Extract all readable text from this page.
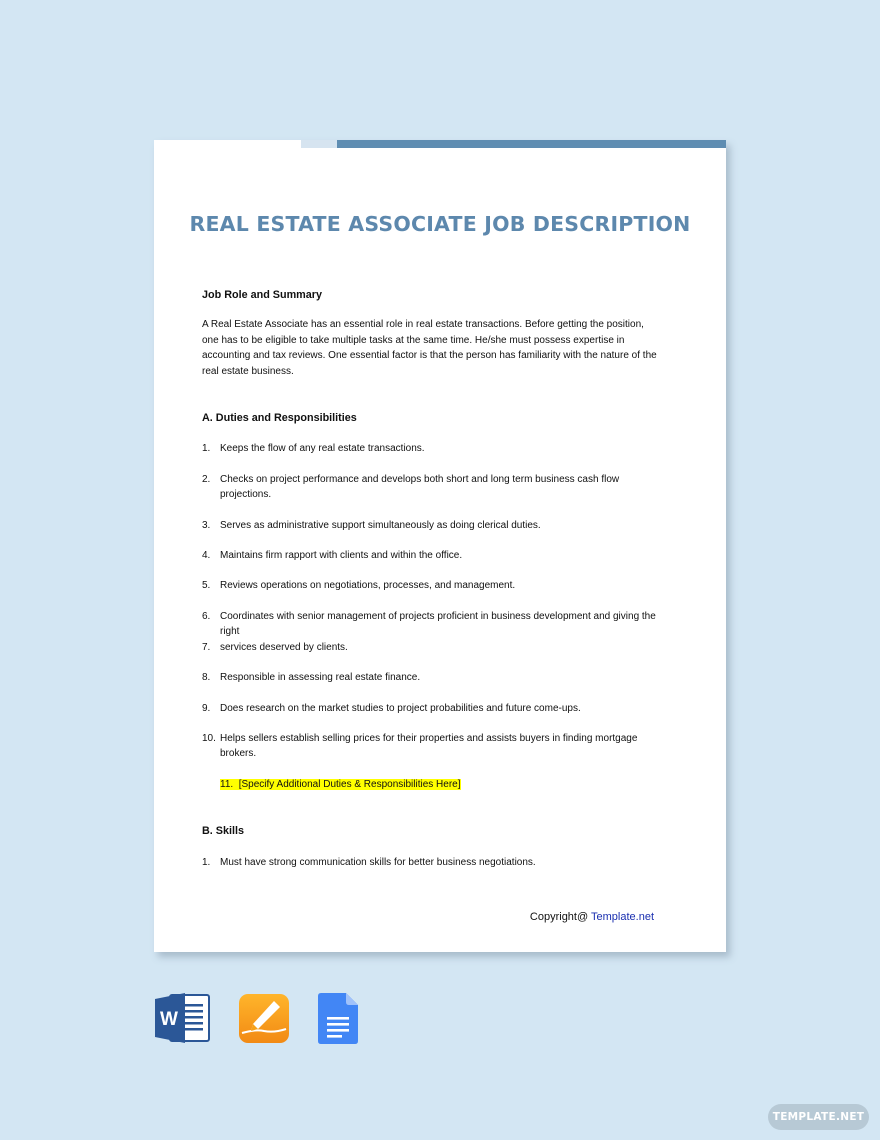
REAL ESTATE ASSOCIATE JOB DESCRIPTION

Job Role and Summary

A Real Estate Associate has an essential role in real estate transactions. Before getting the position, one has to be eligible to take multiple tasks at the same time. He/she must possess expertise in accounting and tax reviews. One essential factor is that the person has familiarity with the nature of the real estate business.

A. Duties and Responsibilities

1. Keeps the flow of any real estate transactions.
2. Checks on project performance and develops both short and long term business cash flow projections.
3. Serves as administrative support simultaneously as doing clerical duties.
4. Maintains firm rapport with clients and within the office.
5. Reviews operations on negotiations, processes, and management.
6. Coordinates with senior management of projects proficient in business development and giving the right
7. services deserved by clients.
8. Responsible in assessing real estate finance.
9. Does research on the market studies to project probabilities and future come-ups.
10. Helps sellers establish selling prices for their properties and assists buyers in finding mortgage brokers.
11. [Specify Additional Duties & Responsibilities Here]

B. Skills

1. Must have strong communication skills for better business negotiations.
Copyright@ Template.net
W
TEMPLATE.NET
